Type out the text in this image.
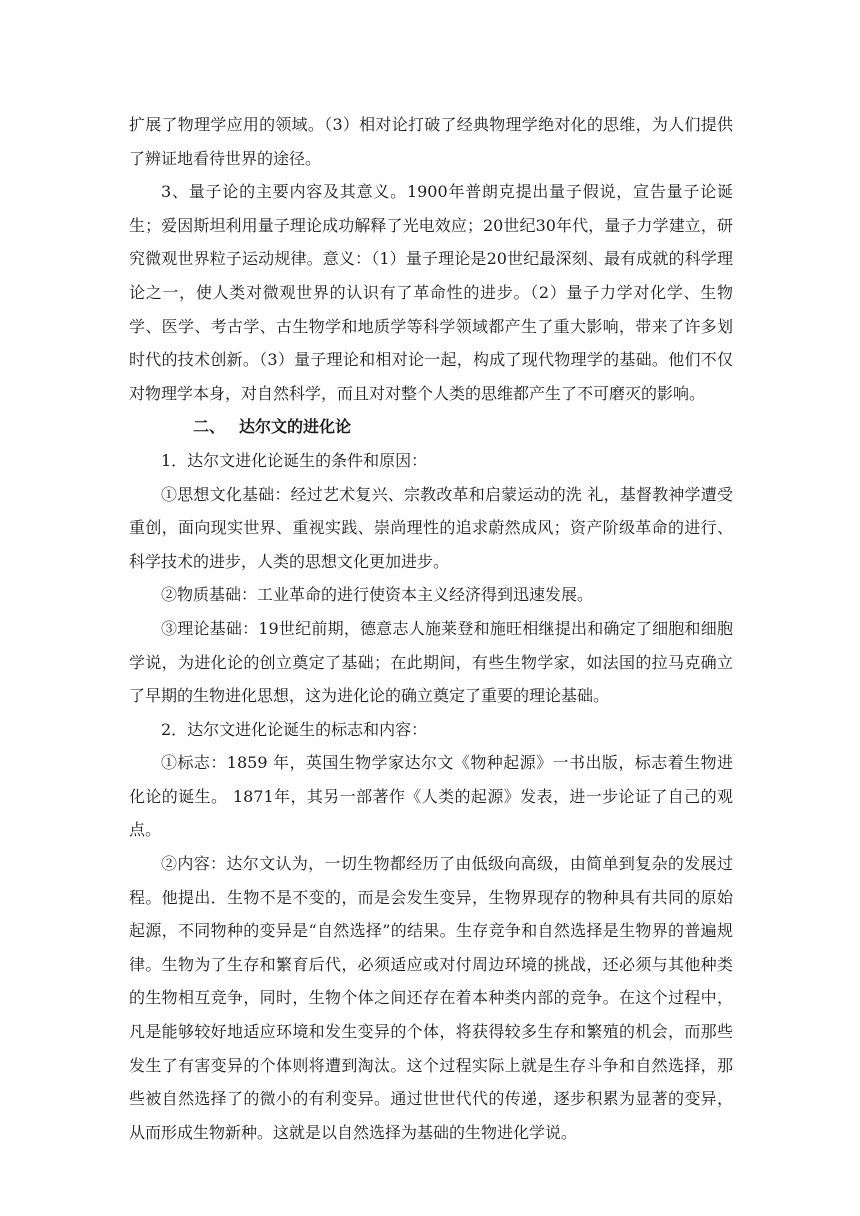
扩展了物理学应用的领域。（3）相对论打破了经典物理学绝对化的思维，为人们提供了辨证地看待世界的途径。

3、量子论的主要内容及其意义。1900年普朗克提出量子假说，宣告量子论诞生；爱因斯坦利用量子理论成功解释了光电效应；20世纪30年代，量子力学建立，研究微观世界粒子运动规律。意义：（1）量子理论是20世纪最深刻、最有成就的科学理论之一，使人类对微观世界的认识有了革命性的进步。（2）量子力学对化学、生物学、医学、考古学、古生物学和地质学等科学领域都产生了重大影响，带来了许多划时代的技术创新。（3）量子理论和相对论一起，构成了现代物理学的基础。他们不仅对物理学本身，对自然科学，而且对对整个人类的思维都产生了不可磨灭的影响。

二、 达尔文的进化论

1．达尔文进化论诞生的条件和原因：

①思想文化基础：经过艺术复兴、宗教改革和启蒙运动的洗 礼，基督教神学遭受重创，面向现实世界、重视实践、崇尚理性的追求蔚然成风；资产阶级革命的进行、科学技术的进步，人类的思想文化更加进步。

②物质基础：工业革命的进行使资本主义经济得到迅速发展。

③理论基础：19世纪前期，德意志人施莱登和施旺相继提出和确定了细胞和细胞学说，为进化论的创立奠定了基础；在此期间，有些生物学家，如法国的拉马克确立了早期的生物进化思想，这为进化论的确立奠定了重要的理论基础。

2．达尔文进化论诞生的标志和内容：

①标志：1859 年，英国生物学家达尔文《物种起源》一书出版，标志着生物进化论的诞生。 1871年，其另一部著作《人类的起源》发表，进一步论证了自己的观点。

②内容：达尔文认为，一切生物都经历了由低级向高级，由简单到复杂的发展过程。他提出．生物不是不变的，而是会发生变异，生物界现存的物种具有共同的原始起源，不同物种的变异是“自然选择”的结果。生存竞争和自然选择是生物界的普遍规律。生物为了生存和繁育后代，必须适应或对付周边环境的挑战，还必须与其他种类的生物相互竞争，同时，生物个体之间还存在着本种类内部的竞争。在这个过程中，凡是能够较好地适应环境和发生变异的个体，将获得较多生存和繁殖的机会，而那些发生了有害变异的个体则将遭到淘汰。这个过程实际上就是生存斗争和自然选择，那些被自然选择了的微小的有利变异。通过世世代代的传递，逐步积累为显著的变异，从而形成生物新种。这就是以自然选择为基础的生物进化学说。
